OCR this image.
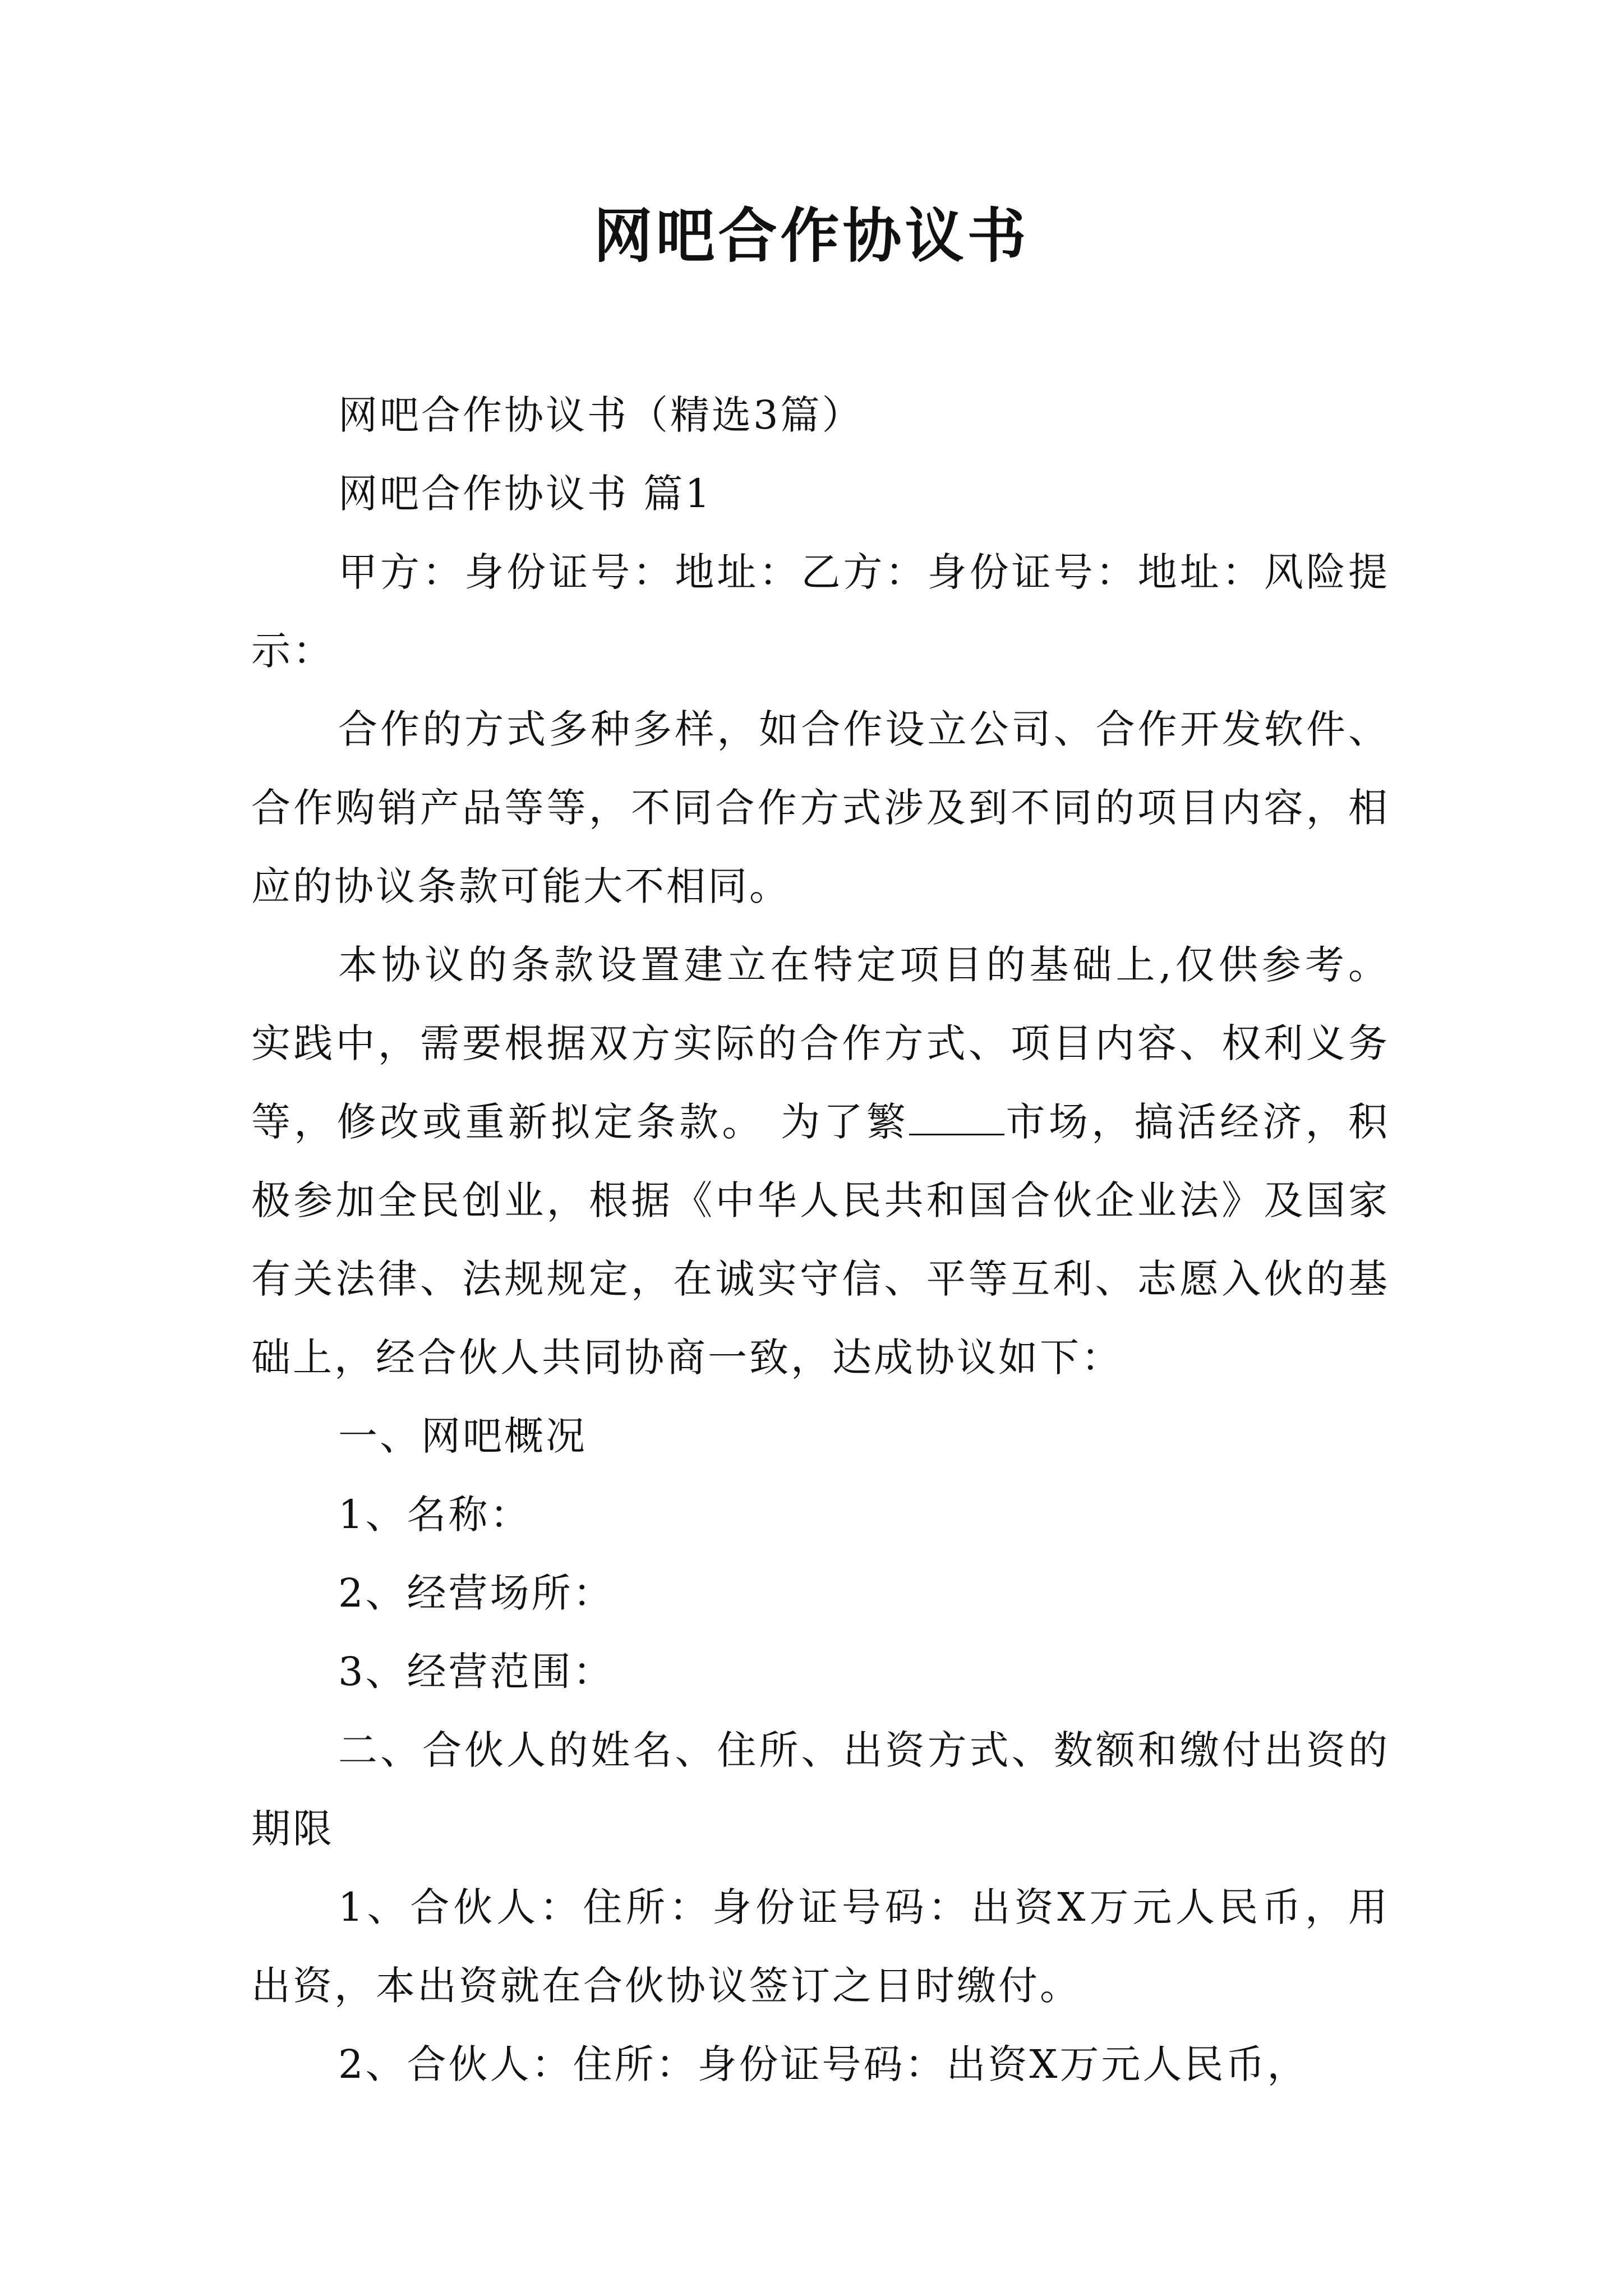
网吧合作协议书

网吧合作协议书（精选3篇）

网吧合作协议书 篇1

甲方：身份证号：地址：乙方：身份证号：地址：风险提示：

合作的方式多种多样，如合作设立公司、合作开发软件、合作购销产品等等，不同合作方式涉及到不同的项目内容，相应的协议条款可能大不相同。

本协议的条款设置建立在特定项目的基础上,仅供参考。实践中，需要根据双方实际的合作方式、项目内容、权利义务等，修改或重新拟定条款。 为了繁 市场，搞活经济，积极参加全民创业，根据《中华人民共和国合伙企业法》及国家有关法律、法规规定，在诚实守信、平等互利、志愿入伙的基础上，经合伙人共同协商一致，达成协议如下：

一、网吧概况

1、名称：

2、经营场所：

3、经营范围：

二、合伙人的姓名、住所、出资方式、数额和缴付出资的期限

1、合伙人：住所：身份证号码：出资X万元人民币，用出资，本出资就在合伙协议签订之日时缴付。

2、合伙人：住所：身份证号码：出资X万元人民币，
